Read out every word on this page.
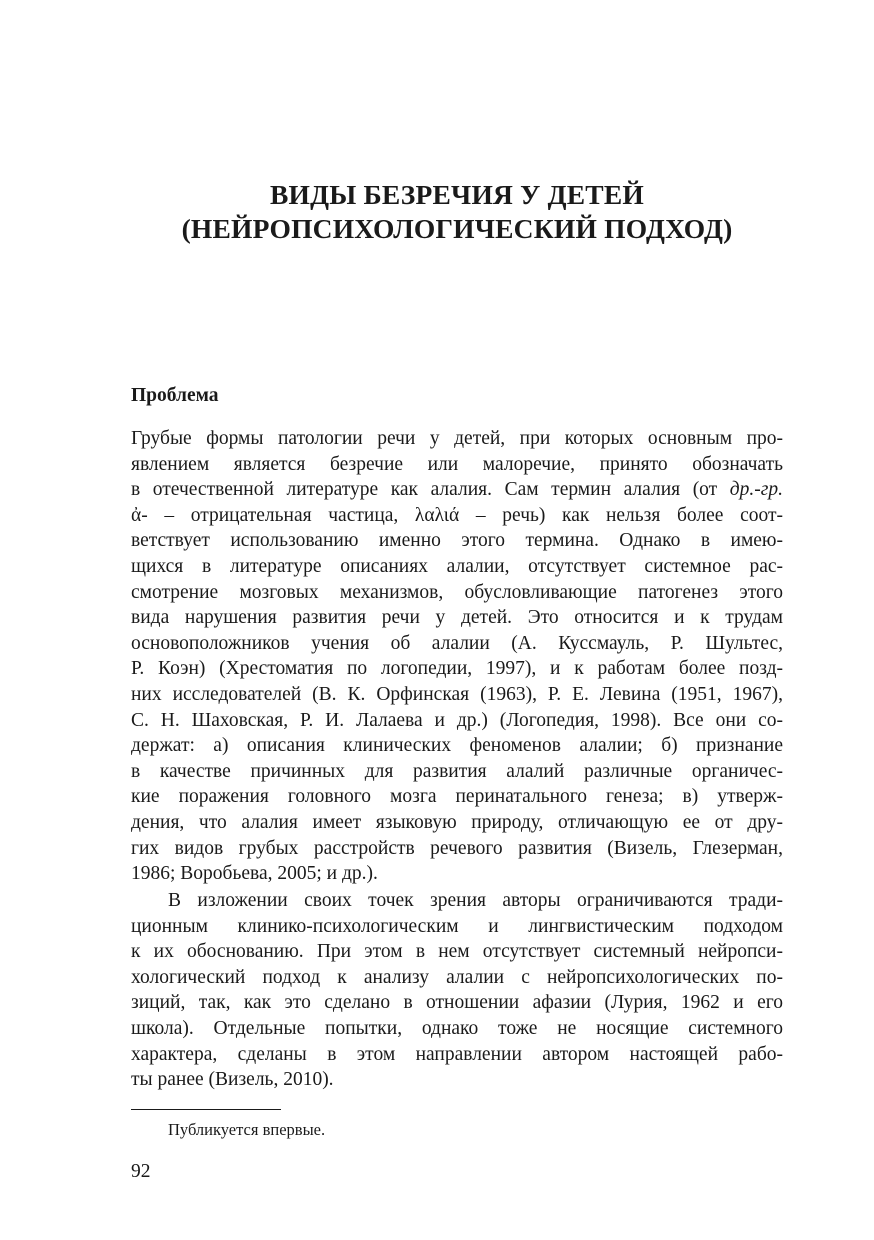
ВИДЫ БЕЗРЕЧИЯ У ДЕТЕЙ
(НЕЙРОПСИХОЛОГИЧЕСКИЙ ПОДХОД)
Проблема

Грубые формы патологии речи у детей, при которых основным про-
явлением является безречие или малоречие, принято обозначать
в отечественной литературе как алалия. Сам термин алалия (от др.-гр.
ἀ- – отрицательная частица, λαλιά – речь) как нельзя более соот-
ветствует использованию именно этого термина. Однако в имею-
щихся в литературе описаниях алалии, отсутствует системное рас-
смотрение мозговых механизмов, обусловливающие патогенез этого
вида нарушения развития речи у детей. Это относится и к трудам
основоположников учения об алалии (А. Куссмауль, Р. Шультес,
Р. Коэн) (Хрестоматия по логопедии, 1997), и к работам более позд-
них исследователей (В. К. Орфинская (1963), Р. Е. Левина (1951, 1967),
С. Н. Шаховская, Р. И. Лалаева и др.) (Логопедия, 1998). Все они со-
держат: а) описания клинических феноменов алалии; б) признание
в качестве причинных для развития алалий различные органичес-
кие поражения головного мозга перинатального генеза; в) утверж-
дения, что алалия имеет языковую природу, отличающую ее от дру-
гих видов грубых расстройств речевого развития (Визель, Глезерман,
1986; Воробьева, 2005; и др.).

В изложении своих точек зрения авторы ограничиваются тради-
ционным клинико-психологическим и лингвистическим подходом
к их обоснованию. При этом в нем отсутствует системный нейропси-
хологический подход к анализу алалии с нейропсихологических по-
зиций, так, как это сделано в отношении афазии (Лурия, 1962 и его
школа). Отдельные попытки, однако тоже не носящие системного
характера, сделаны в этом направлении автором настоящей рабо-
ты ранее (Визель, 2010).

Публикуется впервые.

92
